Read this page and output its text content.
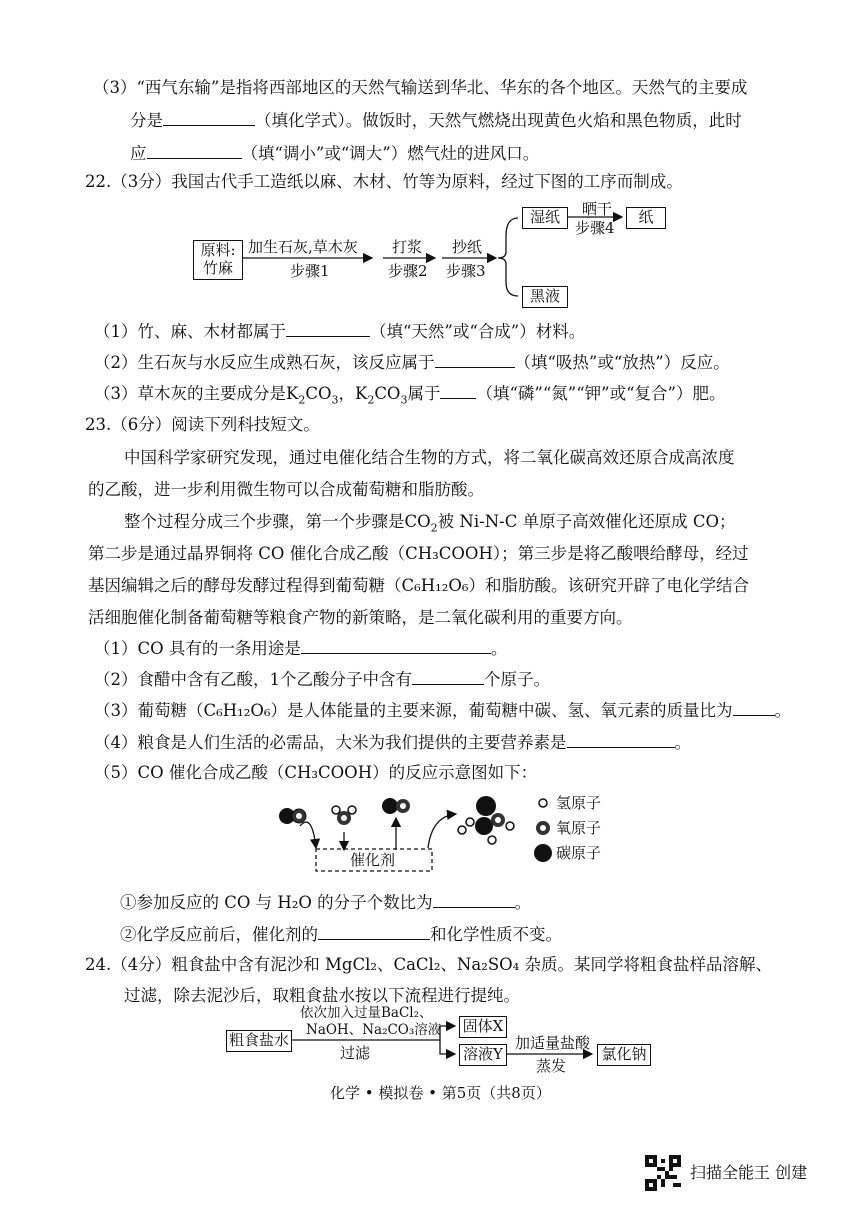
（3）“西气东输”是指将西部地区的天然气输送到华北、华东的各个地区。天然气的主要成
分是	（填化学式）。做饭时，天然气燃烧出现黄色火焰和黑色物质，此时
应	（填“调小”或“调大”）燃气灶的进风口。
22.（3分）我国古代手工造纸以麻、木材、竹等为原料，经过下图的工序而制成。
原料:
竹麻
加生石灰,草木灰
步骤1
打浆
步骤2
抄纸
步骤3
湿纸	晒干
步骤4
纸
黑液
（1）竹、麻、木材都属于	（填“天然”或“合成”）材料。
（2）生石灰与水反应生成熟石灰，该反应属于	（填“吸热”或“放热”）反应。
（3）草木灰的主要成分是$K_2CO_3$，$K_2CO_3$属于 （填“磷”“氮”“钾”或“复合”）肥。
23.（6分）阅读下列科技短文。
中国科学家研究发现，通过电催化结合生物的方式，将二氧化碳高效还原合成高浓度
的乙酸，进一步利用微生物可以合成葡萄糖和脂肪酸。
整个过程分成三个步骤，第一个步骤是$CO_2$被 Ni-N-C 单原子高效催化还原成 CO；
第二步是通过晶界铜将 CO 催化合成乙酸（CH₃COOH）；第三步是将乙酸喂给酵母，经过
基因编辑之后的酵母发酵过程得到葡萄糖（C₆H₁₂O₆）和脂肪酸。该研究开辟了电化学结合
活细胞催化制备葡萄糖等粮食产物的新策略，是二氧化碳利用的重要方向。
（1）CO 具有的一条用途是	。
（2）食醋中含有乙酸，1个乙酸分子中含有	个原子。
（3）葡萄糖（C₆H₁₂O₆）是人体能量的主要来源，葡萄糖中碳、氢、氧元素的质量比为	。
（4）粮食是人们生活的必需品，大米为我们提供的主要营养素是	。
（5）CO 催化合成乙酸（CH₃COOH）的反应示意图如下：
催化剂
氢原子
氧原子
碳原子
①参加反应的 CO 与 H₂O 的分子个数比为	。
②化学反应前后，催化剂的	和化学性质不变。
24.（4分）粗食盐中含有泥沙和 MgCl₂、CaCl₂、Na₂SO₄ 杂质。某同学将粗食盐样品溶解、
过滤，除去泥沙后，取粗食盐水按以下流程进行提纯。
粗食盐水
依次加入过量BaCl₂、
NaOH、Na₂CO₃溶液
过滤
固体X
溶液Y
加适量盐酸
蒸发
氯化钠
化学 • 模拟卷 • 第5页（共8页）
扫描全能王 创建
